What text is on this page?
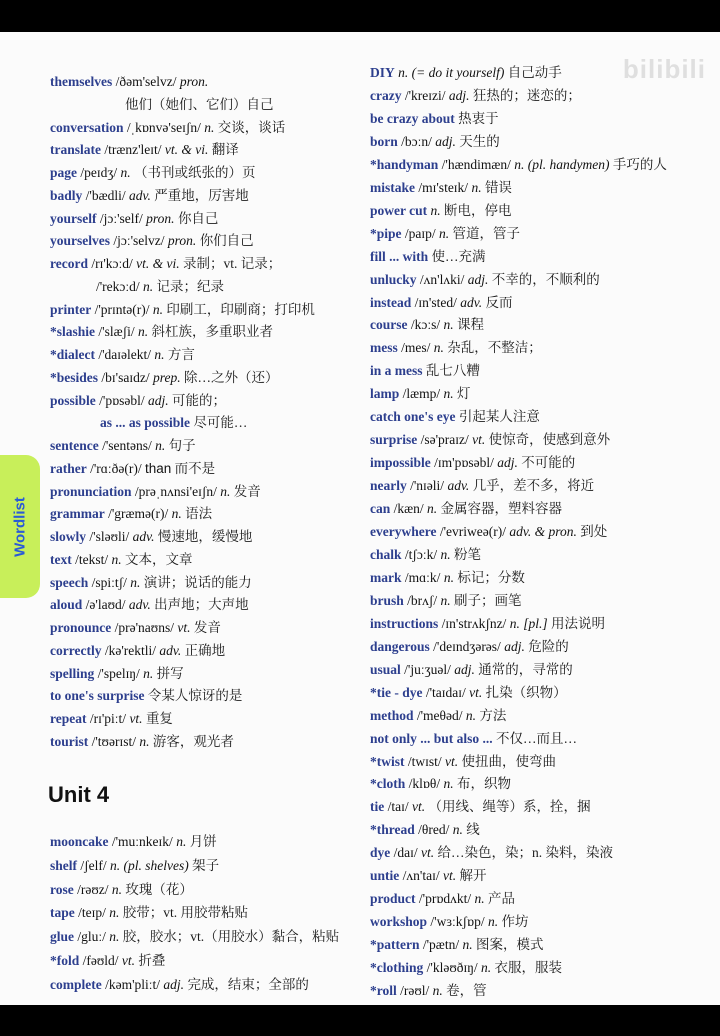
bilibili
Wordlist
themselves /ðəm'selvz/ pron.
他们（她们、它们）自己
conversation /ˌkɒnvə'seɪʃn/ n. 交谈，谈话
translate /trænz'leɪt/ vt. & vi. 翻译
page /peɪdʒ/ n. （书刊或纸张的）页
badly /'bædli/ adv. 严重地，厉害地
yourself /jɔː'self/ pron. 你自己
yourselves /jɔː'selvz/ pron. 你们自己
record /rɪ'kɔːd/ vt. & vi. 录制；vt. 记录；
/'rekɔːd/ n. 记录；纪录
printer /'prɪntə(r)/ n. 印刷工，印刷商；打印机
*slashie /'slæʃi/ n. 斜杠族，多重职业者
*dialect /'daɪəlekt/ n. 方言
*besides /bɪ'saɪdz/ prep. 除…之外（还）
possible /'pɒsəbl/ adj. 可能的；
as ... as possible 尽可能…
sentence /'sentəns/ n. 句子
rather /'rɑːðə(r)/ than 而不是
pronunciation /prəˌnʌnsi'eɪʃn/ n. 发音
grammar /'græmə(r)/ n. 语法
slowly /'sləʊli/ adv. 慢速地，缓慢地
text /tekst/ n. 文本，文章
speech /spiːtʃ/ n. 演讲；说话的能力
aloud /ə'laʊd/ adv. 出声地；大声地
pronounce /prə'naʊns/ vt. 发音
correctly /kə'rektli/ adv. 正确地
spelling /'spelɪŋ/ n. 拼写
to one's surprise 令某人惊讶的是
repeat /rɪ'piːt/ vt. 重复
tourist /'tʊərɪst/ n. 游客，观光者
Unit 4
mooncake /'muːnkeɪk/ n. 月饼
shelf /ʃelf/ n. (pl. shelves) 架子
rose /rəʊz/ n. 玫瑰（花）
tape /teɪp/ n. 胶带；vt. 用胶带粘贴
glue /gluː/ n. 胶，胶水；vt.（用胶水）黏合，粘贴
*fold /fəʊld/ vt. 折叠
complete /kəm'pliːt/ adj. 完成，结束；全部的
DIY n. (= do it yourself) 自己动手
crazy /'kreɪzi/ adj. 狂热的；迷恋的；
be crazy about 热衷于
born /bɔːn/ adj. 天生的
*handyman /'hændimæn/ n. (pl. handymen) 手巧的人
mistake /mɪ'steɪk/ n. 错误
power cut n. 断电，停电
*pipe /paɪp/ n. 管道，管子
fill ... with 使…充满
unlucky /ʌn'lʌki/ adj. 不幸的，不顺利的
instead /ɪn'sted/ adv. 反而
course /kɔːs/ n. 课程
mess /mes/ n. 杂乱，不整洁；
in a mess 乱七八糟
lamp /læmp/ n. 灯
catch one's eye 引起某人注意
surprise /sə'praɪz/ vt. 使惊奇，使感到意外
impossible /ɪm'pɒsəbl/ adj. 不可能的
nearly /'nɪəli/ adv. 几乎，差不多，将近
can /kæn/ n. 金属容器，塑料容器
everywhere /'evriweə(r)/ adv. & pron. 到处
chalk /tʃɔːk/ n. 粉笔
mark /mɑːk/ n. 标记；分数
brush /brʌʃ/ n. 刷子；画笔
instructions /ɪn'strʌkʃnz/ n. [pl.] 用法说明
dangerous /'deɪndʒərəs/ adj. 危险的
usual /'juːʒuəl/ adj. 通常的，寻常的
*tie - dye /'taɪdaɪ/ vt. 扎染（织物）
method /'meθəd/ n. 方法
not only ... but also ... 不仅…而且…
*twist /twɪst/ vt. 使扭曲，使弯曲
*cloth /klɒθ/ n. 布，织物
tie /taɪ/ vt. （用线、绳等）系，拴，捆
*thread /θred/ n. 线
dye /daɪ/ vt. 给…染色，染；n. 染料，染液
untie /ʌn'taɪ/ vt. 解开
product /'prɒdʌkt/ n. 产品
workshop /'wɜːkʃɒp/ n. 作坊
*pattern /'pætn/ n. 图案，模式
*clothing /'kləʊðɪŋ/ n. 衣服，服装
*roll /rəʊl/ n. 卷，管
